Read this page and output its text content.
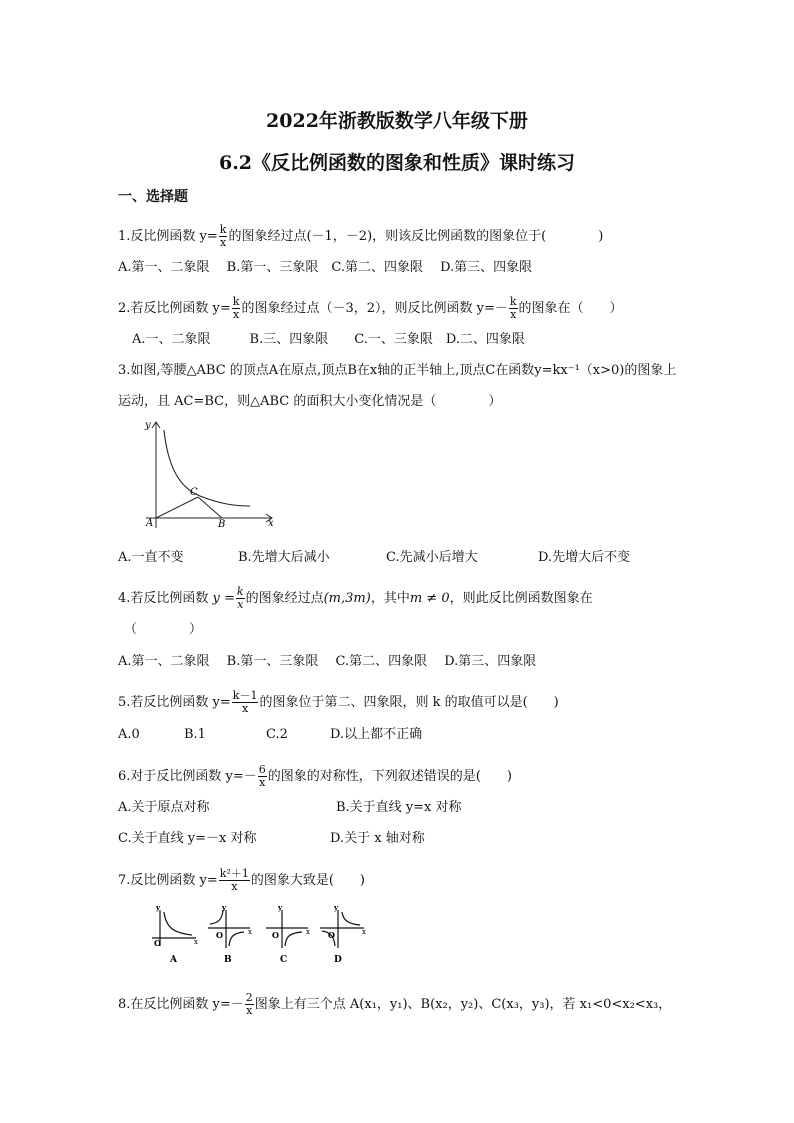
2022年浙教版数学八年级下册
6.2《反比例函数的图象和性质》课时练习
一、选择题
1.反比例函数 $y= \frac{k}{x}$ 的图象经过点(－1，－2)，则该反比例函数的图象位于(　　　　)
A.第一、二象限　 B.第一、三象限　C.第二、四象限　 D.第三、四象限
2.若反比例函数 $y= \frac{k}{x}$ 的图象经过点（－3，2），则反比例函数 $y=- \frac{k}{x}$ 的图象在（　　）
A.一、二象限　　　B.三、四象限　　C.一、三象限　D.二、四象限
3.如图,等腰△ABC 的顶点A在原点,顶点B在x轴的正半轴上,顶点C在函数y=kx⁻¹（x>0)的图象上
运动，且 AC=BC，则△ABC 的面积大小变化情况是（　　　　）
y
x
A	B
C
A.一直不变	B.先增大后减小	C.先减小后增大	D.先增大后不变
4.若反比例函数 $y = \frac{k}{x}$ 的图象经过点(m,3m)，其中m ≠ 0，则此反比例函数图象在
（　　　　）
A.第一、二象限　 B.第一、三象限　 C.第二、四象限　 D.第三、四象限
5.若反比例函数 $y= \frac{k-1}{x}$ 的图象位于第二、四象限，则 k 的取值可以是(　　)
A.0	B.1	C.2	D.以上都不正确
6.对于反比例函数 $y=- \frac{6}{x}$ 的图象的对称性，下列叙述错误的是(　　)
A.关于原点对称	B.关于直线 y=x 对称
C.关于直线 y=－x 对称	D.关于 x 轴对称
7.反比例函数 $y= \frac{\text{k²＋1}}{x}$ 的图象大致是(　　)
y
O	x
A
y
O	x
B
y
O	x
C
y
O	x
D
8.在反比例函数 $y=- \frac{2}{x}$ 图象上有三个点 A(x₁，y₁)、B(x₂，y₂)、C(x₃，y₃)，若 x₁<0<x₂<x₃，
